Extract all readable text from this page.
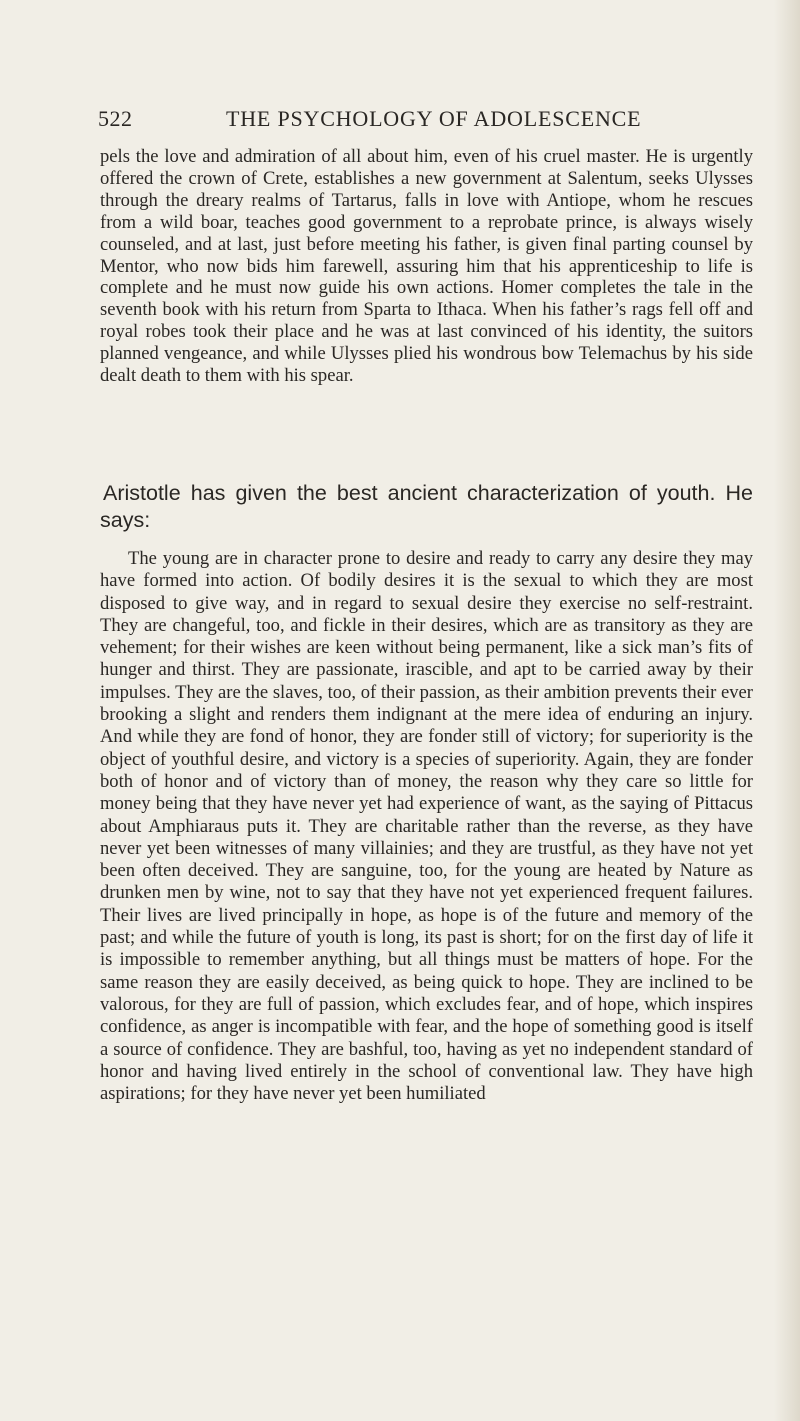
522	THE PSYCHOLOGY OF ADOLESCENCE

pels the love and admiration of all about him, even of his cruel master. He is urgently offered the crown of Crete, establishes a new government at Salentum, seeks Ulysses through the dreary realms of Tartarus, falls in love with Antiope, whom he rescues from a wild boar, teaches good government to a reprobate prince, is always wisely counseled, and at last, just before meeting his father, is given final parting counsel by Mentor, who now bids him farewell, assuring him that his apprenticeship to life is complete and he must now guide his own actions. Homer completes the tale in the seventh book with his return from Sparta to Ithaca. When his father’s rags fell off and royal robes took their place and he was at last convinced of his identity, the suitors planned vengeance, and while Ulysses plied his wondrous bow Telemachus by his side dealt death to them with his spear.

Aristotle has given the best ancient characterization of youth. He says:

The young are in character prone to desire and ready to carry any desire they may have formed into action. Of bodily desires it is the sexual to which they are most disposed to give way, and in regard to sexual desire they exercise no self-restraint. They are changeful, too, and fickle in their desires, which are as transitory as they are vehement; for their wishes are keen without being permanent, like a sick man’s fits of hunger and thirst. They are passionate, irascible, and apt to be carried away by their impulses. They are the slaves, too, of their passion, as their ambition prevents their ever brooking a slight and renders them indignant at the mere idea of enduring an injury. And while they are fond of honor, they are fonder still of victory; for superiority is the object of youthful desire, and victory is a species of superiority. Again, they are fonder both of honor and of victory than of money, the reason why they care so little for money being that they have never yet had experience of want, as the saying of Pittacus about Amphiaraus puts it. They are charitable rather than the reverse, as they have never yet been witnesses of many villainies; and they are trustful, as they have not yet been often deceived. They are sanguine, too, for the young are heated by Nature as drunken men by wine, not to say that they have not yet experienced frequent failures. Their lives are lived principally in hope, as hope is of the future and memory of the past; and while the future of youth is long, its past is short; for on the first day of life it is impossible to remember anything, but all things must be matters of hope. For the same reason they are easily deceived, as being quick to hope. They are inclined to be valorous, for they are full of passion, which excludes fear, and of hope, which inspires confidence, as anger is incompatible with fear, and the hope of something good is itself a source of confidence. They are bashful, too, having as yet no independent standard of honor and having lived entirely in the school of conventional law. They have high aspirations; for they have never yet been humiliated
